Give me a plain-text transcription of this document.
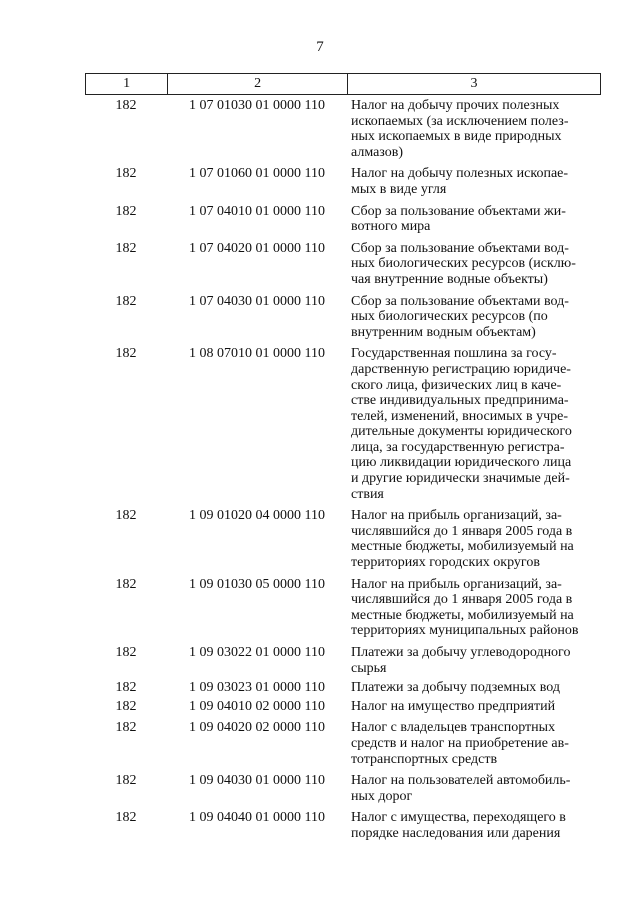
7
1	2	3
182	1 07 01030 01 0000 110	Налог на добычу прочих полезных
ископаемых (за исключением полез-
ных ископаемых в виде природных
алмазов)
182	1 07 01060 01 0000 110	Налог на добычу полезных ископае-
мых в виде угля
182	1 07 04010 01 0000 110	Сбор за пользование объектами жи-
вотного мира
182	1 07 04020 01 0000 110	Сбор за пользование объектами вод-
ных биологических ресурсов (исклю-
чая внутренние водные объекты)
182	1 07 04030 01 0000 110	Сбор за пользование объектами вод-
ных биологических ресурсов (по
внутренним водным объектам)
182	1 08 07010 01 0000 110	Государственная пошлина за госу-
дарственную регистрацию юридиче-
ского лица, физических лиц в каче-
стве индивидуальных предпринима-
телей, изменений, вносимых в учре-
дительные документы юридического
лица, за государственную регистра-
цию ликвидации юридического лица
и другие юридически значимые дей-
ствия
182	1 09 01020 04 0000 110	Налог на прибыль организаций, за-
числявшийся до 1 января 2005 года в
местные бюджеты, мобилизуемый на
территориях городских округов
182	1 09 01030 05 0000 110	Налог на прибыль организаций, за-
числявшийся до 1 января 2005 года в
местные бюджеты, мобилизуемый на
территориях муниципальных районов
182	1 09 03022 01 0000 110	Платежи за добычу углеводородного
сырья
182	1 09 03023 01 0000 110	Платежи за добычу подземных вод
182	1 09 04010 02 0000 110	Налог на имущество предприятий
182	1 09 04020 02 0000 110	Налог с владельцев транспортных
средств и налог на приобретение ав-
тотранспортных средств
182	1 09 04030 01 0000 110	Налог на пользователей автомобиль-
ных дорог
182	1 09 04040 01 0000 110	Налог с имущества, переходящего в
порядке наследования или дарения
